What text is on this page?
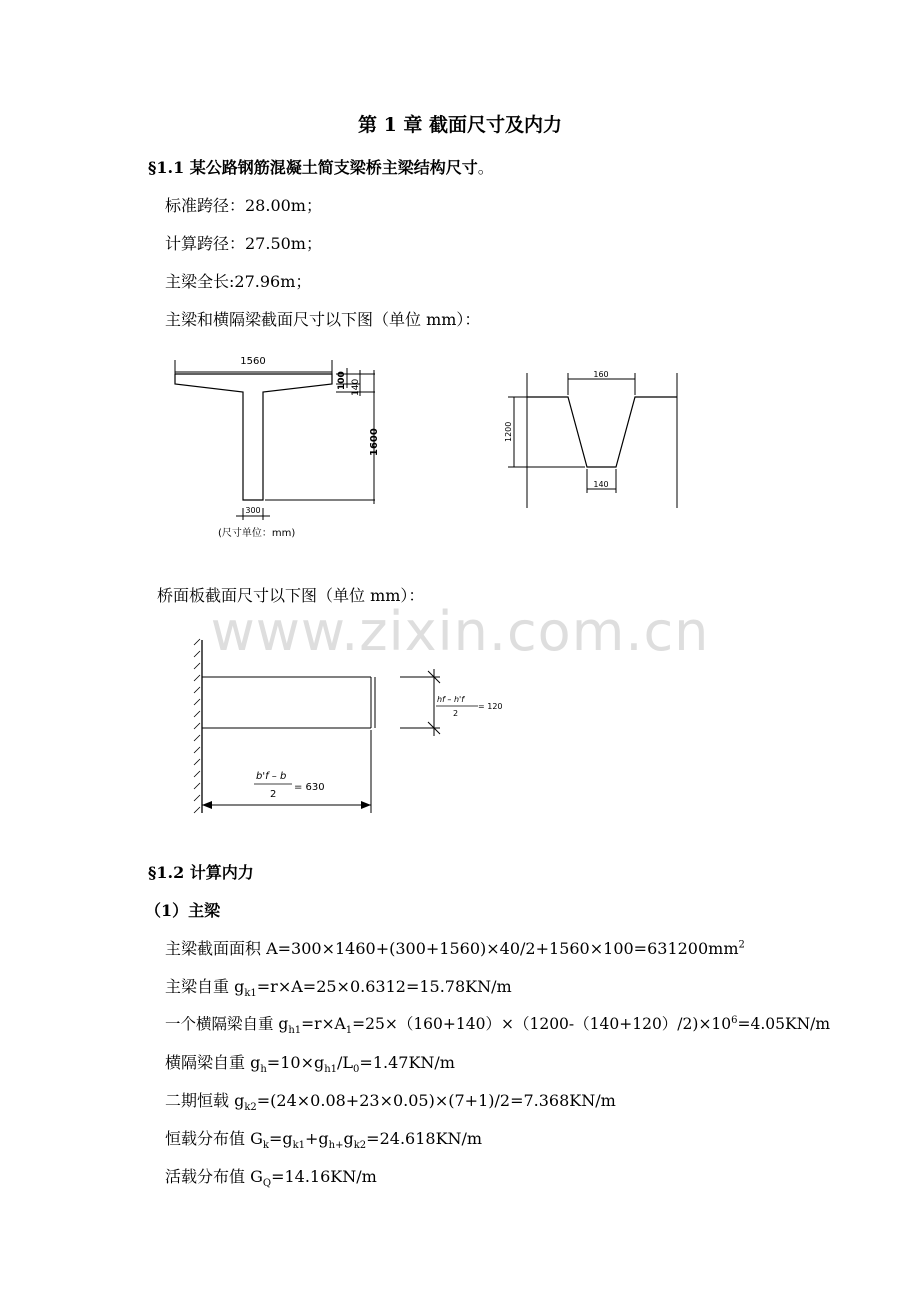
第 1 章 截面尺寸及内力
§1.1 某公路钢筋混凝土简支梁桥主梁结构尺寸。
标准跨径：28.00m；
计算跨径：27.50m；
主梁全长:27.96m；
主梁和横隔梁截面尺寸以下图（单位 mm）：
1560
100 140
1600
300
(尺寸单位：mm)
160
1200
140
桥面板截面尺寸以下图（单位 mm）：
www.zixin.com.cn
hf – h'f
2
= 120
b'f – b
2
= 630
§1.2 计算内力
（1）主梁
主梁截面面积 $A=300\times 1460+(300+1560)\times 40/2+1560\times 100=631200mm^2$
主梁自重 $g_{k1}=r\times A=25\times 0.6312=15.78KN/m$
一个横隔梁自重 $g_{h1}=r\times A_1=25\times(160+140)\times(1200-(140+120)/2)\times 10^6=4.05KN/m$
横隔梁自重 $g_h=10\times g_{h1}/L_0=1.47KN/m$
二期恒载 $g_{k2}=(24\times 0.08+23\times 0.05)\times(7+1)/2=7.368KN/m$
恒载分布值 $G_k=g_{k1}+g_{h+}g_{k2}=24.618KN/m$
活载分布值 $G_Q=14.16KN/m$
